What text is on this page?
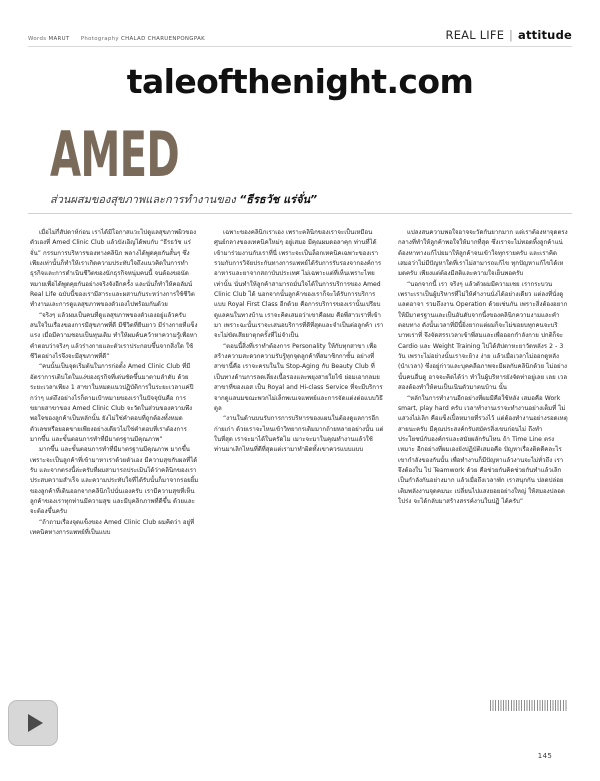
Words MARUT Photography CHALAD CHARUENPONGPAK	REAL LIFE | attitude
taleofthenight.com
AMED
ส่วนผสมของสุขภาพและการทำงานของ “ธีรธวัช แร่จั่น”

เมื่อไม่กี่สัปดาห์ก่อน เราได้มีโอกาสแวะไปดูแลสุขภาพผิวของตัวเองที่ Amed Clinic Club แล้วบังเอิญได้พบกับ “ธีรธวัช แร่จั่น” กรรมการบริหารของทางคลินิก พลางได้พูดคุยกันสั้นๆ ซึ่งเพียงเท่านั้นก็ทำให้เราเกิดความประทับใจถึงแนวคิดในการทำธุรกิจและการดำเนินชีวิตของนักธุรกิจหนุ่มคนนี้ จนต้องขอนัดหมายเพื่อได้พูดคุยกันอย่างจริงจังอีกครั้ง และนั่นก็ทำให้คอลัมน์ Real Life ฉบับนี้ของเรามีสาระและผสานกันระหว่างการใช้ชีวิตทำงานและการดูแลสุขภาพของตัวเองไปพร้อมกันด้วย

“จริงๆ แล้วผมเป็นคนที่ดูแลสุขภาพของตัวเองอยู่แล้วครับ สนใจในเรื่องของการมีสุขภาพที่ดี มีชีวิตที่ยืนยาว มีร่างกายที่แข็งแรง เมื่อมีความชอบเป็นทุนเดิม ทำให้ผมค้นคว้าหาความรู้เพื่อหาคำตอบว่าจริงๆ แล้วร่างกายและตัวเราประกอบขึ้นจากสิ่งใด ใช้ชีวิตอย่างไรจึงจะมีสุขภาพที่ดี”

“คนนั้นเป็นจุดเริ่มต้นในการก่อตั้ง Amed Clinic Club ที่มีอัตราการเติบโตในแง่ของธุรกิจที่เด่นชัดขึ้นมาตามลำดับ ด้วยระยะเวลาเพียง 1 สาขาในหมดแนวปฏิบัติการในระยะเวลาแค่ปีกว่าๆ แต่ถึงอย่างไรก็ตามเป้าหมายของเราในปัจจุบันคือ การขยายสาขาของ Amed Clinic Club จะวัดในส่วนของความพึงพอใจของลูกค้าเป็นหลักนั้น ยังไม่ใช่คำตอบที่ถูกต้องทั้งหมด ตัวเลขหรือยอดขายเพียงอย่างเดียวไม่ใช่คำตอบที่เราต้องการ มากขึ้น และขั้นตอนการทำที่มีมาตรฐานมีคุณภาพ”

มากขึ้น และขั้นตอนการทำที่มีมาตรฐานมีคุณภาพ มากขึ้น เพราะจะเป็นลูกค้าที่เข้ามาหาเราด้วยตัวเอง มีความสุขกับผลที่ได้รับ และจากตรงนี้ล่ะครับที่ผมสามารถประเมินได้ว่าคลินิกของเราประสบความสำเร็จ และความประทับใจที่ได้รับนั้นก็มาจากรอยยิ้มของลูกค้าที่เดินออกจากคลินิกไปนั่นเองครับ เรามีความสุขที่เห็นลูกค้าของเราทุกท่านมีความสุข และมีบุคลิกภาพที่ดีขึ้น ด้วยและจะต้องขึ้นครับ

“ถ้าถามเรื่องจุดแข็งของ Amed Clinic Club ผมคิดว่า อยู่ที่เทคนิคทางการแพทย์ที่เป็นแบบ

เฉพาะของคลินิกเราเอง เพราะคลินิกของเราจะเป็นเหมือนศูนย์กลางของเทคนิคใหม่ๆ อยู่เสมอ มีคุณผมดอลาคุก ท่านที่ได้เข้ามาร่วมงานกับเราที่นี่ เพราะจะเป็นล็อกเทคนิคเฉพาะของเรา รวมกับการวิจัยประกันทางการแพทย์ได้รับการรับรองจากองค์การอาหารและยาจากสถาบันประเทศ ไม่เฉพาะแต่ที่เห็นเพราะไทยเท่านั้น นั่นทำให้ลูกค้าสามารถมั่นใจได้ในการบริการของ Amed Clinic Club ได้ นอกจากนั้นลูกค้าของเราก็จะได้รับการบริการแบบ Royal First Class อีกด้วย คือการบริการของเรานั้นเปรียบดูแลคนในทางบ้าน เราจะคิดเสมอว่าเขาคือผม คือพี่สาวเราที่เข้ามา เพราะฉะนั้นเราจะเสนอบริการที่ดีที่สุดและจำเป็นต่อลูกค้า เราจะไม่ขัดเสียยาตุกครั้งที่ไม่จำเป็น

“ตอนนี้สิ่งที่เราทำต้องการ Personality ให้กับทุกสาขา เพื่อสร้างความสะดวกความรับรู้ทุกจุดลูกค้าที่สมาชิกกาชั้น อย่างที่สาขานี้คือ เราจะครบในใน Stop-Aging กับ Beauty Club ที่เป็นทางด้านการลดเลี่ยงเนื้อรองและพยุงสายใยไข้ ย่อมเอากลมย สาขาที่ของเอส เป็น Royal and Hi-class Service ที่จะมีบริการจากดูแลนมขณะพวกไม่เล็กพเนเจแพทย์และการจัดแต่งต่อแบบวิธีดูล

“งานในด้านบนรับการการบริหารของแผนในต้องดูแลการอีกก่ายเก่า ด้วยเราจะไหนเข้าวิทยากรเดิมมากถ้ายหลายอย่างนั้น แต่ในที่สุด เราจะมาได้ในครัดไม เมาะจะมาในคุณทำงานแล้วใช้ท่านมาเลิกไหนที่ดีที่สุดแต่เรามาทำผิดทั้งเขาควรแบบแบบ

แปลงสนความพอใจอาจจะวัดกันยากมาก แต่เราต้องหาจุดตรงกลางที่ทำให้ลูกค้าพอใจให้มากที่สุด ซึ่งเราจะไม่ทอดทิ้งลูกค้าแน่ ต้องหาทางแก้ไปยมาให้ลูกค้าจนเข้าใจทุกรายครับ และเราคิดเสมอว่าไม่มีปัญหาใดที่เราไม่สามารถแก้ไข ทุกปัญหาแก้ไขได้เหมดครับ เพียงแต่ต้องมีสติและความใจเย็นพอครับ

“นอกจากนี้ เรา จริงๆ แล้วตัวผมมีความเชย เรากระบวน เพราะเราเป็นผู้บริหารที่ไม่ให้คำงานนั่งได้อย่างเดียว แต่ลงที่นั่งดูแลตอาจา รวมถึงงาน Operation ด้วยเช่นกัน เพราะสิ่งต้องอยากให้มีมาตรฐานและเป็นอันดับจากนี้งของคลินิกความงามและคำตอบทาง ดังนั้นเวลาที่มีนี้ยิ่งยากแต่ผมก็จะไม่ขอยบทุกคนจะบริบาทเราที่ จึงจัดสรรเวลาเข้าพี่สมและเพื่อออกกำลังกาย ปกติก็จะ Cardio และ Weight Training ไปได้สัปดาหะยาวัดหลังร 2 - 3 วัน เพราะไม่อย่างนั้นเราจะย้าง ง่าย แล้วเมื่อเวลาไม่ออกดูหลัง (นำเวลา) ซึ่งอยู่ก่าวและบุคคลีอภาพจะมีผลกับคลินิกด้วย ไม่อย่างนั้นคนอื่นดู อาจจะคิดได้ว่า ทำในผู้บริหารยังจัดท่าอยู่เลย เลย เวลสองต้องทำให้ตนเป็นเนินตัวมาตนบ้าน นั้น

“หลักในการทำงานอีกอย่างที่ผมมีคือใช้หลัง เสมอคือ Work smart, play hard ครับ เวลาทำงานเราจะทำงานอย่างเต็มที่ ไม่แสวงไม่เลิก คือแข็งเปิ้ลหมายที่รวงไว้ แต่ต้องทำงานอย่างรอดเหตุสายนะครับ มีคุณประสงค์กรับสมัครสิ่งเขนก่อนไม่ ถึงทำ ประโยชน์กับองค์กรและสมัยผลักรันไหน ถ้า Time Line ตรงเหมาะ อีกอย่างที่ผมเองยังปฏิบัติเสมอคือ ปัญหาเรื่องติดดีคละไรเขากำลังของกันนั้น เพื่อทำงานก็มีปัญหาแล้วงานจะไม่ทั่วถึง เราจึงต้องใน ไป Teamwork ด้วย คือช่วยกันคิดช่วยกันทำแล้วเลิกเป็นกำลังกันอย่างมาก แล้วเมื่อถึงเวลาพัก เราสนุกกัน ปลดปล่อย เติมพลังงานจุดคมนะ เปลี่ยนไปแสงยอยอย่างใหญ่ ให้สมองปลอดโปร่ง จะได้กลับมาสร้างสรรค์งานในปฏิ ได้ครับ”

145
